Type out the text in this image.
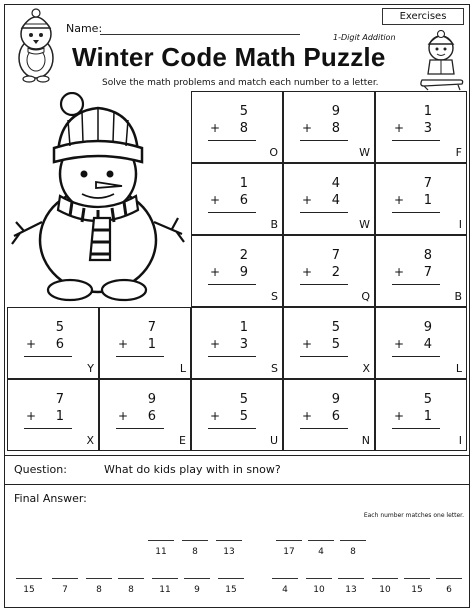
Exercises
Name:
1-Digit Addition
Winter Code Math Puzzle
Solve the math problems and match each number to a letter.
5
+ 8
O
9
+ 8
W
1
+ 3
F
1
+ 6
B
4
+ 4
W
7
+ 1
I
2
+ 9
S
7
+ 2
Q
8
+ 7
B
5
+ 6
Y
7
+ 1
L
1
+ 3
S
5
+ 5
X
9
+ 4
L
7
+ 1
X
9
+ 6
E
5
+ 5
U
9
+ 6
N
5
+ 1
I
Question:	What do kids play with in snow?
Final Answer:
Each number matches one letter.
11	8	13	17	4	8
15	7	8	8	11	9	15	4	10	13	10	15	6
